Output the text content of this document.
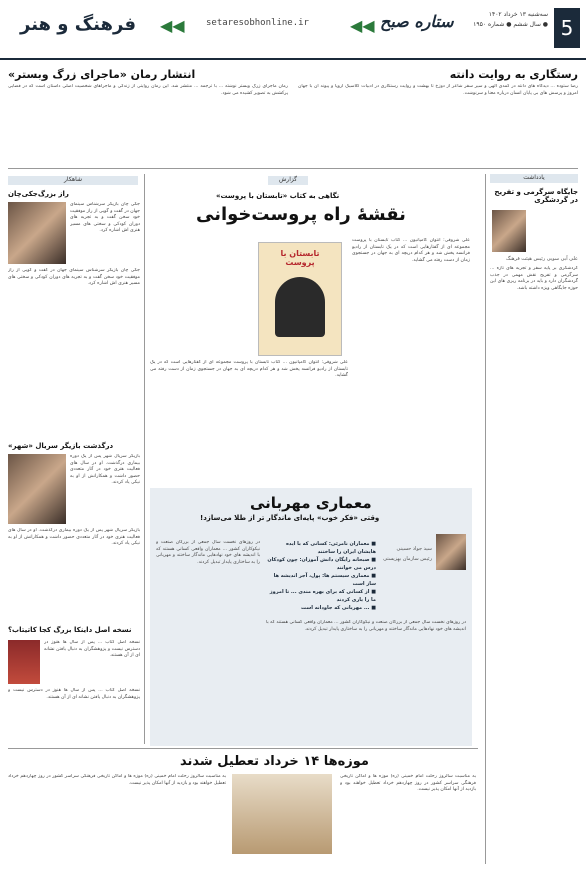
5
سه‌شنبه ۱۳ خرداد ۱۴۰۲
● سال ششم ● شماره ۱۹۵۰
setaresobhonline.ir	◀◀ ستاره صبح
◀◀
فرهنگ و هنر
رستگاری به روایت دانته
رضا ستوده ... دیدگاه های دانته در کمدی الهی و سیر سفر شاعر از دوزخ تا بهشت و روایت رستگاری در ادبیات کلاسیک اروپا و پیوند آن با جهان امروز و پرسش های بی پایان انسان درباره معنا و سرنوشت.
انتشار رمان «ماجرای زرگ وبستر»
رمان ماجرای زرگ وبستر نوشته ... با ترجمه ... منتشر شد. این رمان روایتی از زندگی و ماجراهای شخصیت اصلی داستان است که در فضایی پرکشش به تصویر کشیده می شود.
یادداشت
جایگاه سرگرمی و تفریح در گردشگری
علی آبی سویی رئیس هیئت فرهنگ
گردشگری بر پایه سفر و تجربه های تازه ... سرگرمی و تفریح نقش مهمی در جذب گردشگران دارد و باید در برنامه ریزی های این حوزه جایگاهی ویژه داشته باشد.
گزارش
نگاهی به کتاب «تابستان با پروست»
نقشهٔ راه پروست‌خوانی
تابستان با پروست
علی شروقی: آنتوان کامپانیون ... کتاب تابستان با پروست مجموعه ای از گفتارهایی است که در یک تابستان از رادیو فرانسه پخش شد و هر کدام دریچه ای به جهان در جستجوی زمان از دست رفته می گشاید.
علی شروقی: آنتوان کامپانیون ... کتاب تابستان با پروست مجموعه ای از گفتارهایی است که در یک تابستان از رادیو فرانسه پخش شد و هر کدام دریچه ای به جهان در جستجوی زمان از دست رفته می گشاید.
معماری مهربانی
وقتی «فکر خوب» پایه‌ای ماندگار تر از طلا می‌سازد!
سید جواد حسینی
رئیس سازمان بهزیستی
■ معماران نامرئی: کسانی که با ایده هایشان ایران را ساختند
■ صبحانه رایگان دانش آموزان: چون کودکان درس می خوانند
■ معماری سیستم ها: پول، آجر اندیشه ها ساز است
■ از کسانی که برای بهره مندی ... تا امروز ما را یاری کردند
■ ... مهربانی که جاودانه است
در روزهای نخست سال جمعی از بزرگان صنعت و نیکوکاران کشور ... معماران واقعی کسانی هستند که با اندیشه های خود نهادهایی ماندگار ساختند و مهربانی را به ساختاری پایدار تبدیل کردند.
در روزهای نخست سال جمعی از بزرگان صنعت و نیکوکاران کشور ... معماران واقعی کسانی هستند که با اندیشه های خود نهادهایی ماندگار ساختند و مهربانی را به ساختاری پایدار تبدیل کردند.
شاهکار
راز بزرگ‌جکی‌چان
جکی چان بازیگر سرشناس سینمای جهان در گفت و گویی از راز موفقیت خود سخن گفت و به تجربه های دوران کودکی و سختی های مسیر هنری اش اشاره کرد.
جکی چان بازیگر سرشناس سینمای جهان در گفت و گویی از راز موفقیت خود سخن گفت و به تجربه های دوران کودکی و سختی های مسیر هنری اش اشاره کرد.
درگذشت بازیگر سریال «شهر»
بازیگر سریال شهر پس از یک دوره بیماری درگذشت. او در سال های فعالیت هنری خود در آثار متعددی حضور داشت و همکارانش از او به نیکی یاد کردند.
بازیگر سریال شهر پس از یک دوره بیماری درگذشت. او در سال های فعالیت هنری خود در آثار متعددی حضور داشت و همکارانش از او به نیکی یاد کردند.
نسخه اصل داینکا بزرگ کجا کاتیتاب؟
نسخه اصل کتاب ... پس از سال ها هنوز در دسترس نیست و پژوهشگران به دنبال یافتن نشانه ای از آن هستند.
نسخه اصل کتاب ... پس از سال ها هنوز در دسترس نیست و پژوهشگران به دنبال یافتن نشانه ای از آن هستند.
موزه‌ها ۱۴ خرداد تعطیل شدند
به مناسبت سالروز رحلت امام خمینی (ره) موزه ها و اماکن تاریخی فرهنگی سراسر کشور در روز چهاردهم خرداد تعطیل خواهند بود و بازدید از آنها امکان پذیر نیست.
به مناسبت سالروز رحلت امام خمینی (ره) موزه ها و اماکن تاریخی فرهنگی سراسر کشور در روز چهاردهم خرداد تعطیل خواهند بود و بازدید از آنها امکان پذیر نیست.
